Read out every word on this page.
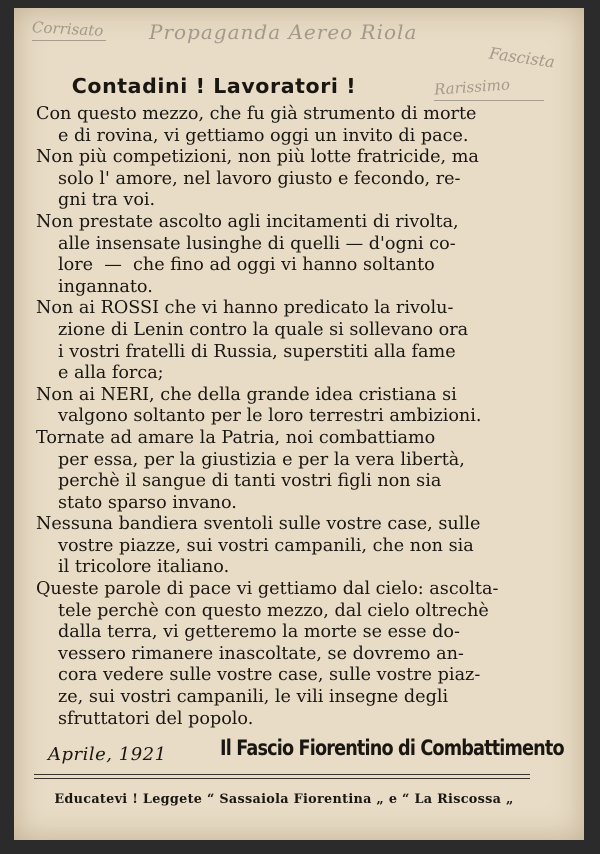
Corrisato Propaganda Aereo Riola
Fascista
Rarissimo
Contadini ! Lavoratori !
Con questo mezzo, che fu già strumento di morte
e di rovina, vi gettiamo oggi un invito di pace.
Non più competizioni, non più lotte fratricide, ma
solo l' amore, nel lavoro giusto e fecondo, re-
gni tra voi.
Non prestate ascolto agli incitamenti di rivolta,
alle insensate lusinghe di quelli — d'ogni co-
lore  —  che fino ad oggi vi hanno soltanto
ingannato.
Non ai ROSSI che vi hanno predicato la rivolu-
zione di Lenin contro la quale si sollevano ora
i vostri fratelli di Russia, superstiti alla fame
e alla forca;
Non ai NERI, che della grande idea cristiana si
valgono soltanto per le loro terrestri ambizioni.
Tornate ad amare la Patria, noi combattiamo
per essa, per la giustizia e per la vera libertà,
perchè il sangue di tanti vostri figli non sia
stato sparso invano.
Nessuna bandiera sventoli sulle vostre case, sulle
vostre piazze, sui vostri campanili, che non sia
il tricolore italiano.
Queste parole di pace vi gettiamo dal cielo: ascolta-
tele perchè con questo mezzo, dal cielo oltrechè
dalla terra, vi getteremo la morte se esse do-
vessero rimanere inascoltate, se dovremo an-
cora vedere sulle vostre case, sulle vostre piaz-
ze, sui vostri campanili, le vili insegne degli
sfruttatori del popolo.
Aprile, 1921	Il Fascio Fiorentino di Combattimento
Educatevi ! Leggete “ Sassaiola Fiorentina „ e “ La Riscossa „
